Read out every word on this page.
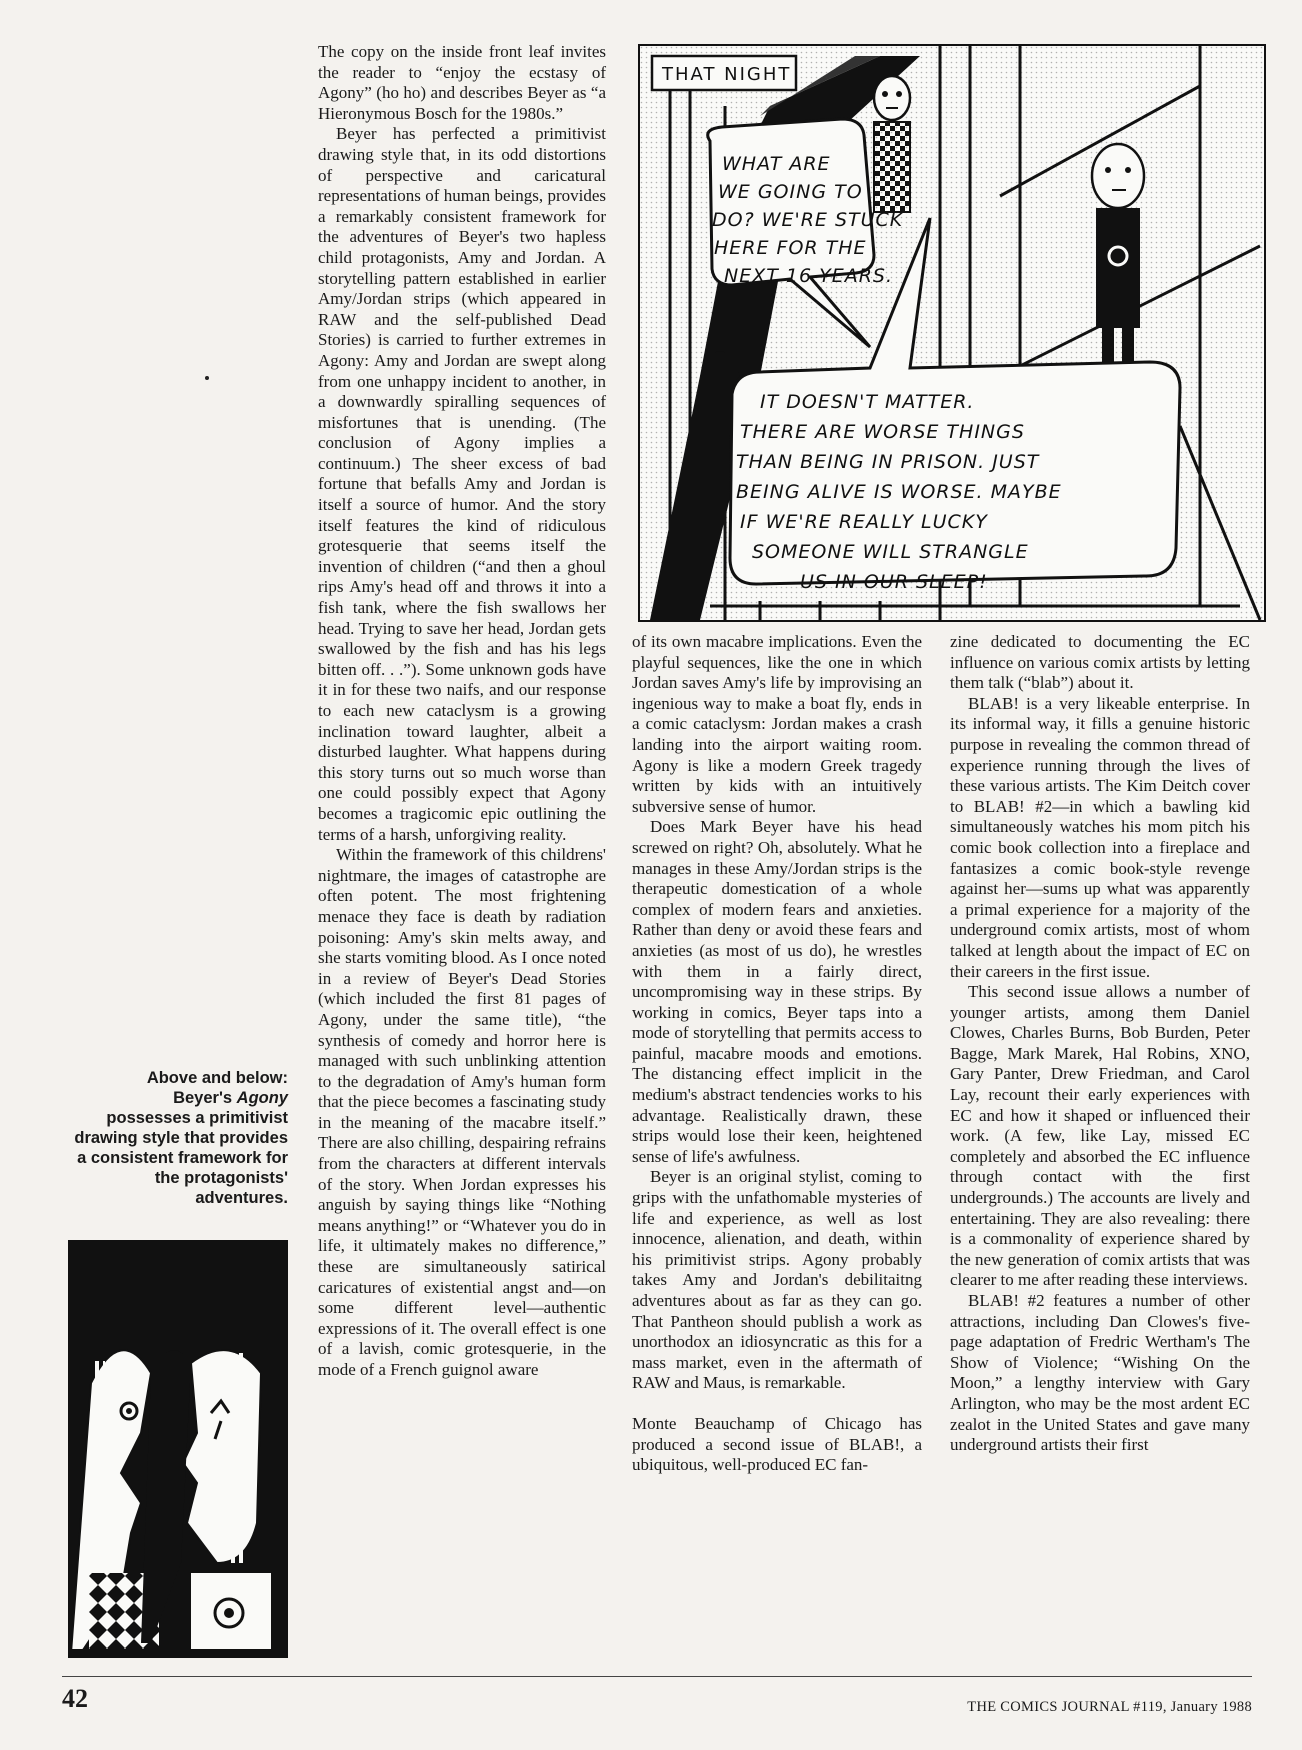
The copy on the inside front leaf invites the reader to “enjoy the ecstasy of Agony” (ho ho) and describes Beyer as “a Hieronymous Bosch for the 1980s.”

Beyer has perfected a primitivist drawing style that, in its odd distortions of perspective and caricatural representations of human beings, provides a remarkably consistent framework for the adventures of Beyer's two hapless child protagonists, Amy and Jordan. A storytelling pattern established in earlier Amy/Jordan strips (which appeared in RAW and the self-published Dead Stories) is carried to further extremes in Agony: Amy and Jordan are swept along from one unhappy incident to another, in a downwardly spiralling sequences of misfortunes that is unending. (The conclusion of Agony implies a continuum.) The sheer excess of bad fortune that befalls Amy and Jordan is itself a source of humor. And the story itself features the kind of ridiculous grotesquerie that seems itself the invention of children (“and then a ghoul rips Amy's head off and throws it into a fish tank, where the fish swallows her head. Trying to save her head, Jordan gets swallowed by the fish and has his legs bitten off. . .”). Some unknown gods have it in for these two naifs, and our response to each new cataclysm is a growing inclination toward laughter, albeit a disturbed laughter. What happens during this story turns out so much worse than one could possibly expect that Agony becomes a tragicomic epic outlining the terms of a harsh, unforgiving reality.

Within the framework of this childrens' nightmare, the images of catastrophe are often potent. The most frightening menace they face is death by radiation poisoning: Amy's skin melts away, and she starts vomiting blood. As I once noted in a review of Beyer's Dead Stories (which included the first 81 pages of Agony, under the same title), “the synthesis of comedy and horror here is managed with such unblinking attention to the degradation of Amy's human form that the piece becomes a fascinating study in the meaning of the macabre itself.” There are also chilling, despairing refrains from the characters at different intervals of the story. When Jordan expresses his anguish by saying things like “Nothing means anything!” or “Whatever you do in life, it ultimately makes no difference,” these are simultaneously satirical caricatures of existential angst and—on some different level—authentic expressions of it. The overall effect is one of a lavish, comic grotesquerie, in the mode of a French guignol aware

THAT NIGHT
WHAT ARE WE GOING TO DO? WE'RE STUCK HERE FOR THE NEXT 16 YEARS.
IT DOESN'T MATTER. THERE ARE WORSE THINGS THAN BEING IN PRISON. JUST BEING ALIVE IS WORSE. MAYBE IF WE'RE REALLY LUCKY SOMEONE WILL STRANGLE US IN OUR SLEEP!
Above and below:
Beyer's Agony
possesses a primitivist drawing style that provides a consistent framework for the protagonists' adventures.

of its own macabre implications. Even the playful sequences, like the one in which Jordan saves Amy's life by improvising an ingenious way to make a boat fly, ends in a comic cataclysm: Jordan makes a crash landing into the airport waiting room. Agony is like a modern Greek tragedy written by kids with an intuitively subversive sense of humor.

Does Mark Beyer have his head screwed on right? Oh, absolutely. What he manages in these Amy/Jordan strips is the therapeutic domestication of a whole complex of modern fears and anxieties. Rather than deny or avoid these fears and anxieties (as most of us do), he wrestles with them in a fairly direct, uncompromising way in these strips. By working in comics, Beyer taps into a mode of storytelling that permits access to painful, macabre moods and emotions. The distancing effect implicit in the medium's abstract tendencies works to his advantage. Realistically drawn, these strips would lose their keen, heightened sense of life's awfulness.

Beyer is an original stylist, coming to grips with the unfathomable mysteries of life and experience, as well as lost innocence, alienation, and death, within his primitivist strips. Agony probably takes Amy and Jordan's debilitaitng adventures about as far as they can go. That Pantheon should publish a work as unorthodox an idiosyncratic as this for a mass market, even in the aftermath of RAW and Maus, is remarkable.

Monte Beauchamp of Chicago has produced a second issue of BLAB!, a ubiquitous, well-produced EC fan-

zine dedicated to documenting the EC influence on various comix artists by letting them talk (“blab”) about it.

BLAB! is a very likeable enterprise. In its informal way, it fills a genuine historic purpose in revealing the common thread of experience running through the lives of these various artists. The Kim Deitch cover to BLAB! #2—in which a bawling kid simultaneously watches his mom pitch his comic book collection into a fireplace and fantasizes a comic book-style revenge against her—sums up what was apparently a primal experience for a majority of the underground comix artists, most of whom talked at length about the impact of EC on their careers in the first issue.

This second issue allows a number of younger artists, among them Daniel Clowes, Charles Burns, Bob Burden, Peter Bagge, Mark Marek, Hal Robins, XNO, Gary Panter, Drew Friedman, and Carol Lay, recount their early experiences with EC and how it shaped or influenced their work. (A few, like Lay, missed EC completely and absorbed the EC influence through contact with the first undergrounds.) The accounts are lively and entertaining. They are also revealing: there is a commonality of experience shared by the new generation of comix artists that was clearer to me after reading these interviews.

BLAB! #2 features a number of other attractions, including Dan Clowes's five-page adaptation of Fredric Wertham's The Show of Violence; “Wishing On the Moon,” a lengthy interview with Gary Arlington, who may be the most ardent EC zealot in the United States and gave many underground artists their first

42	THE COMICS JOURNAL #119, January 1988
